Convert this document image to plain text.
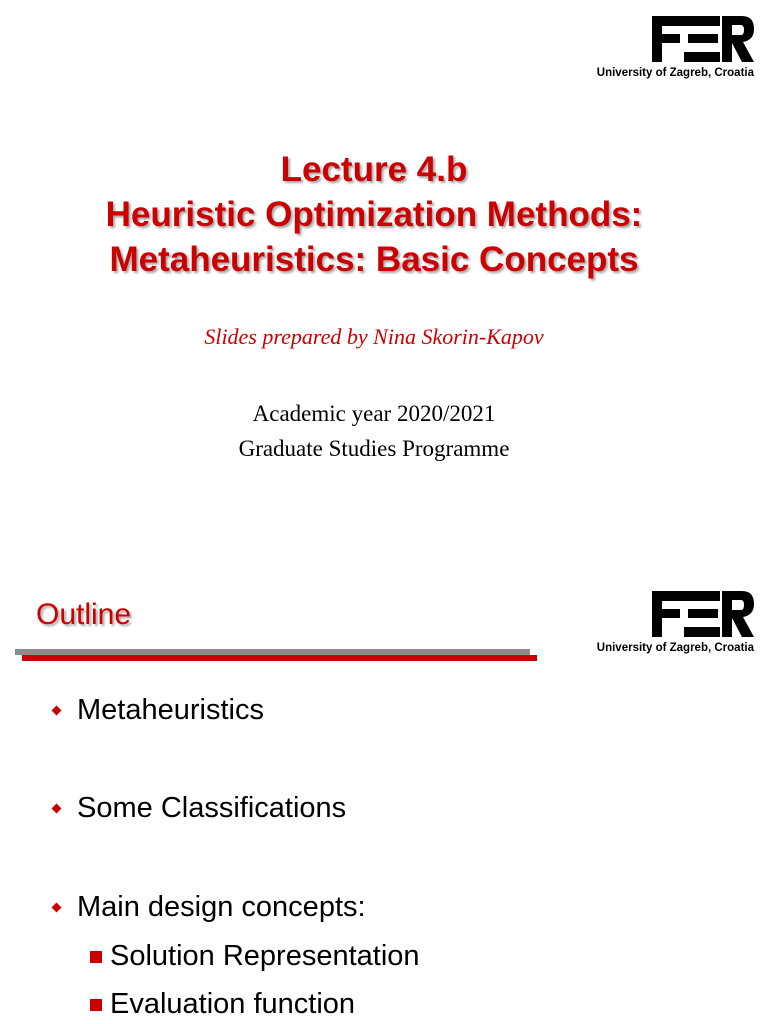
University of Zagreb, Croatia
Lecture 4.b
Heuristic Optimization Methods:
Metaheuristics: Basic Concepts
Slides prepared by Nina Skorin-Kapov
Academic year 2020/2021
Graduate Studies Programme
Outline
University of Zagreb, Croatia
Metaheuristics
Some Classifications
Main design concepts:
Solution Representation
Evaluation function
